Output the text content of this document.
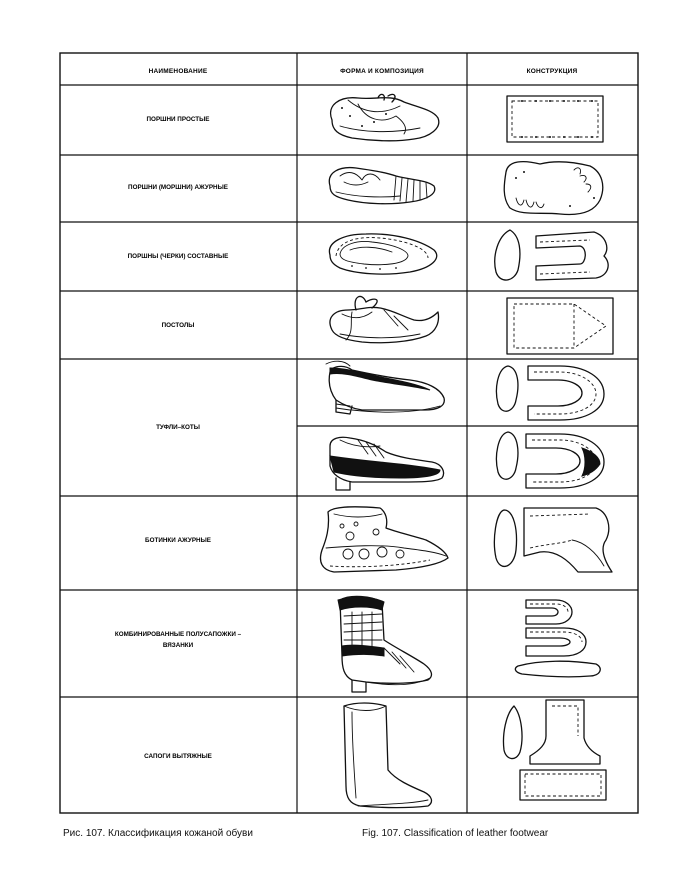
НАИМЕНОВАНИЕ	ФОРМА И КОМПОЗИЦИЯ	КОНСТРУКЦИЯ
ПОРШНИ ПРОСТЫЕ
ПОРШНИ (МОРШНИ) АЖУРНЫЕ
ПОРШНЫ (ЧЕРКИ) СОСТАВНЫЕ
ПОСТОЛЫ
ТУФЛИ–КОТЫ
БОТИНКИ АЖУРНЫЕ
КОМБИНИРОВАННЫЕ ПОЛУСАПОЖКИ –
ВЯЗАНКИ
САПОГИ ВЫТЯЖНЫЕ
Рис. 107. Классификация кожаной обуви	Fig. 107. Classification of leather footwear
